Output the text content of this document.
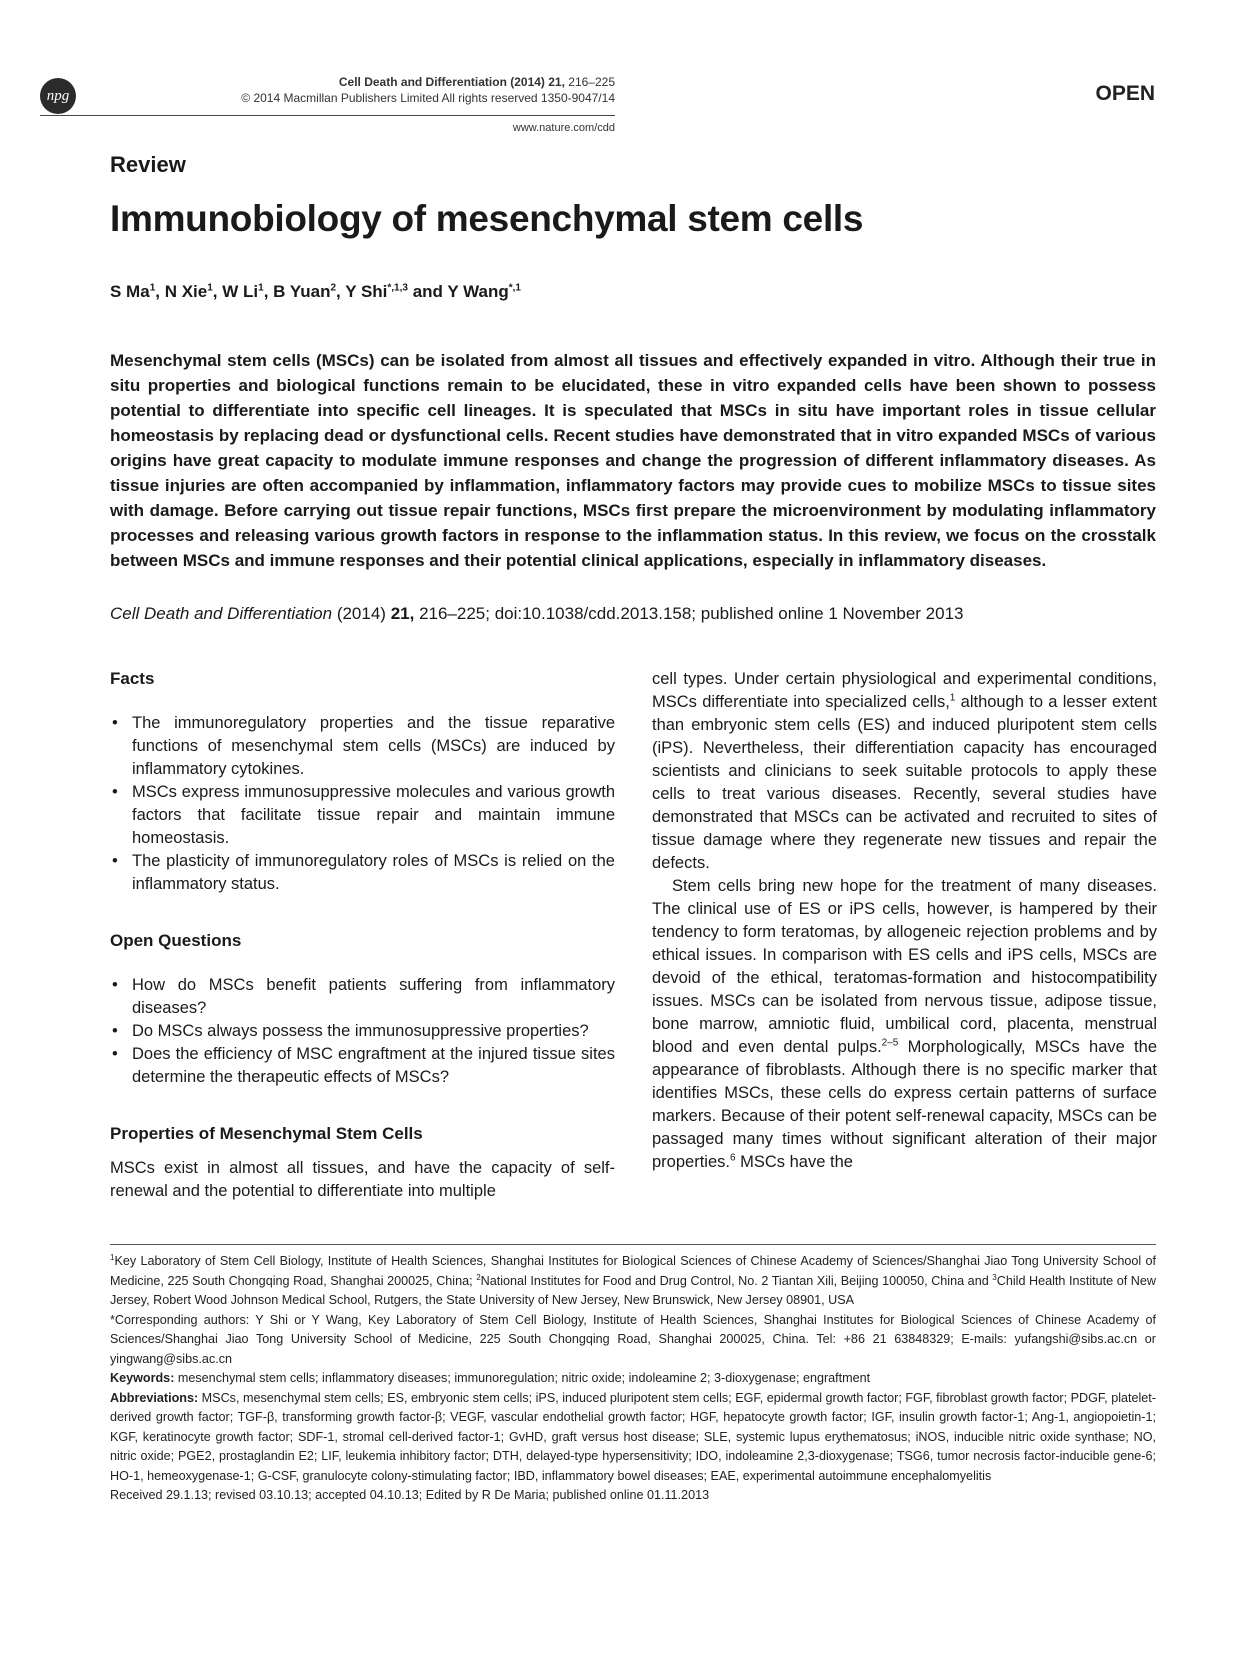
npg
Cell Death and Differentiation (2014) 21, 216–225
© 2014 Macmillan Publishers Limited All rights reserved 1350-9047/14
www.nature.com/cdd
OPEN
Review
Immunobiology of mesenchymal stem cells
S Ma$^1$, N Xie$^1$, W Li$^1$, B Yuan$^2$, Y Shi$^{*,1,3}$ and Y Wang$^{*,1}$

Mesenchymal stem cells (MSCs) can be isolated from almost all tissues and effectively expanded in vitro. Although their true in situ properties and biological functions remain to be elucidated, these in vitro expanded cells have been shown to possess potential to differentiate into specific cell lineages. It is speculated that MSCs in situ have important roles in tissue cellular homeostasis by replacing dead or dysfunctional cells. Recent studies have demonstrated that in vitro expanded MSCs of various origins have great capacity to modulate immune responses and change the progression of different inflammatory diseases. As tissue injuries are often accompanied by inflammation, inflammatory factors may provide cues to mobilize MSCs to tissue sites with damage. Before carrying out tissue repair functions, MSCs first prepare the microenvironment by modulating inflammatory processes and releasing various growth factors in response to the inflammation status. In this review, we focus on the crosstalk between MSCs and immune responses and their potential clinical applications, especially in inflammatory diseases.

Cell Death and Differentiation (2014) 21, 216–225; doi:10.1038/cdd.2013.158; published online 1 November 2013
Facts
• The immunoregulatory properties and the tissue reparative functions of mesenchymal stem cells (MSCs) are induced by inflammatory cytokines.
• MSCs express immunosuppressive molecules and various growth factors that facilitate tissue repair and maintain immune homeostasis.
• The plasticity of immunoregulatory roles of MSCs is relied on the inflammatory status.
Open Questions
• How do MSCs benefit patients suffering from inflammatory diseases?
• Do MSCs always possess the immunosuppressive properties?
• Does the efficiency of MSC engraftment at the injured tissue sites determine the therapeutic effects of MSCs?
Properties of Mesenchymal Stem Cells

MSCs exist in almost all tissues, and have the capacity of self-renewal and the potential to differentiate into multiple

cell types. Under certain physiological and experimental conditions, MSCs differentiate into specialized cells,$^1$ although to a lesser extent than embryonic stem cells (ES) and induced pluripotent stem cells (iPS). Nevertheless, their differentiation capacity has encouraged scientists and clinicians to seek suitable protocols to apply these cells to treat various diseases. Recently, several studies have demonstrated that MSCs can be activated and recruited to sites of tissue damage where they regenerate new tissues and repair the defects.

Stem cells bring new hope for the treatment of many diseases. The clinical use of ES or iPS cells, however, is hampered by their tendency to form teratomas, by allogeneic rejection problems and by ethical issues. In comparison with ES cells and iPS cells, MSCs are devoid of the ethical, teratomas-formation and histocompatibility issues. MSCs can be isolated from nervous tissue, adipose tissue, bone marrow, amniotic fluid, umbilical cord, placenta, menstrual blood and even dental pulps.$^{2-5}$ Morphologically, MSCs have the appearance of fibroblasts. Although there is no specific marker that identifies MSCs, these cells do express certain patterns of surface markers. Because of their potent self-renewal capacity, MSCs can be passaged many times without significant alteration of their major properties.$^6$ MSCs have the

$^1$Key Laboratory of Stem Cell Biology, Institute of Health Sciences, Shanghai Institutes for Biological Sciences of Chinese Academy of Sciences/Shanghai Jiao Tong University School of Medicine, 225 South Chongqing Road, Shanghai 200025, China; $^2$National Institutes for Food and Drug Control, No. 2 Tiantan Xili, Beijing 100050, China and $^3$Child Health Institute of New Jersey, Robert Wood Johnson Medical School, Rutgers, the State University of New Jersey, New Brunswick, New Jersey 08901, USA

*Corresponding authors: Y Shi or Y Wang, Key Laboratory of Stem Cell Biology, Institute of Health Sciences, Shanghai Institutes for Biological Sciences of Chinese Academy of Sciences/Shanghai Jiao Tong University School of Medicine, 225 South Chongqing Road, Shanghai 200025, China. Tel: +86 21 63848329; E-mails: yufangshi@sibs.ac.cn or yingwang@sibs.ac.cn

Keywords: mesenchymal stem cells; inflammatory diseases; immunoregulation; nitric oxide; indoleamine 2; 3-dioxygenase; engraftment

Abbreviations: MSCs, mesenchymal stem cells; ES, embryonic stem cells; iPS, induced pluripotent stem cells; EGF, epidermal growth factor; FGF, fibroblast growth factor; PDGF, platelet-derived growth factor; TGF-β, transforming growth factor-β; VEGF, vascular endothelial growth factor; HGF, hepatocyte growth factor; IGF, insulin growth factor-1; Ang-1, angiopoietin-1; KGF, keratinocyte growth factor; SDF-1, stromal cell-derived factor-1; GvHD, graft versus host disease; SLE, systemic lupus erythematosus; iNOS, inducible nitric oxide synthase; NO, nitric oxide; PGE2, prostaglandin E2; LIF, leukemia inhibitory factor; DTH, delayed-type hypersensitivity; IDO, indoleamine 2,3-dioxygenase; TSG6, tumor necrosis factor-inducible gene-6; HO-1, hemeoxygenase-1; G-CSF, granulocyte colony-stimulating factor; IBD, inflammatory bowel diseases; EAE, experimental autoimmune encephalomyelitis

Received 29.1.13; revised 03.10.13; accepted 04.10.13; Edited by R De Maria; published online 01.11.2013
